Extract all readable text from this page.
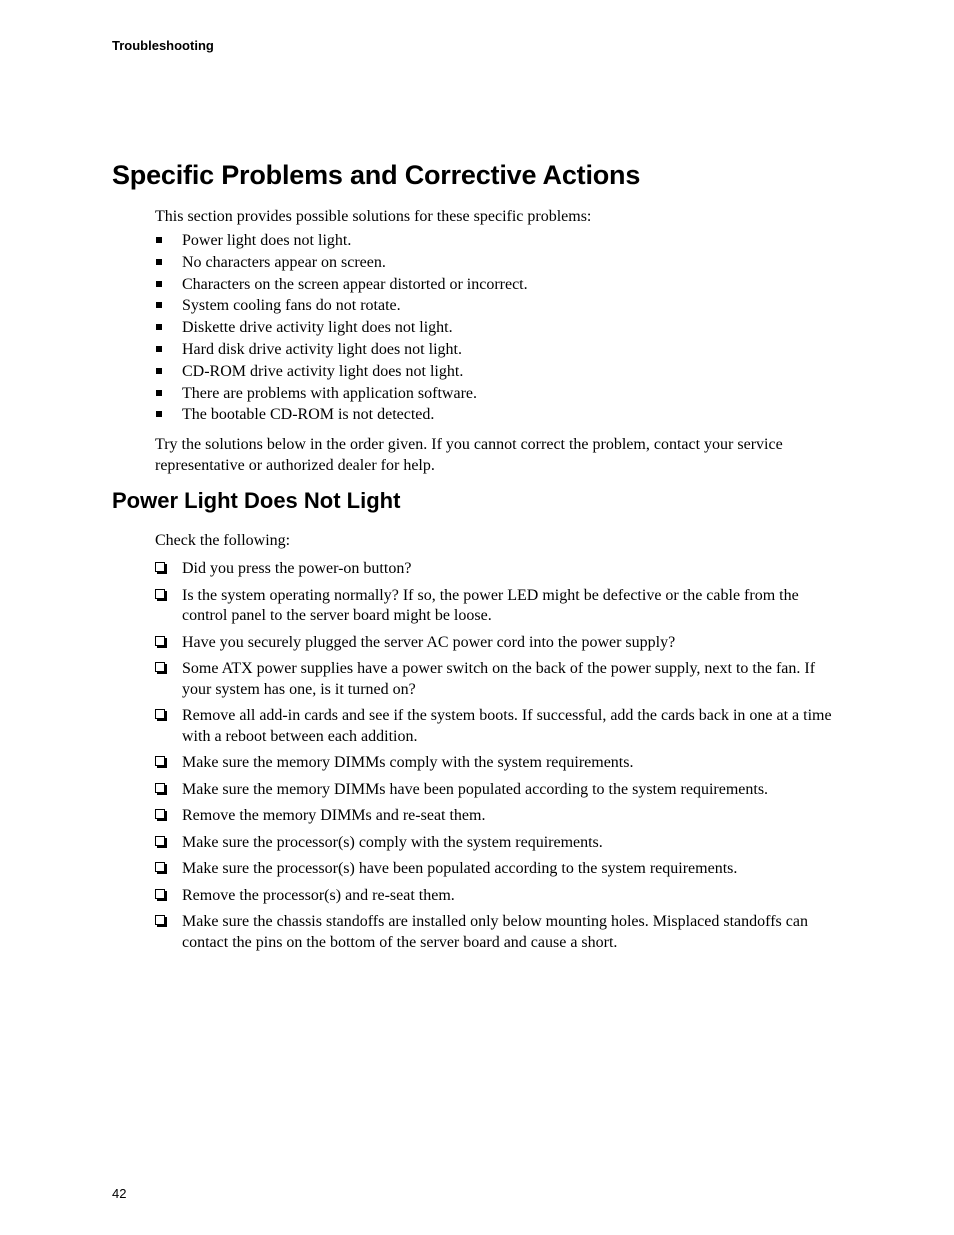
Troubleshooting
Specific Problems and Corrective Actions

This section provides possible solutions for these specific problems:

Power light does not light.
No characters appear on screen.
Characters on the screen appear distorted or incorrect.
System cooling fans do not rotate.
Diskette drive activity light does not light.
Hard disk drive activity light does not light.
CD-ROM drive activity light does not light.
There are problems with application software.
The bootable CD-ROM is not detected.

Try the solutions below in the order given. If you cannot correct the problem, contact your service representative or authorized dealer for help.

Power Light Does Not Light

Check the following:

Did you press the power-on button?
Is the system operating normally? If so, the power LED might be defective or the cable from the control panel to the server board might be loose.
Have you securely plugged the server AC power cord into the power supply?
Some ATX power supplies have a power switch on the back of the power supply, next to the fan. If your system has one, is it turned on?
Remove all add-in cards and see if the system boots. If successful, add the cards back in one at a time with a reboot between each addition.
Make sure the memory DIMMs comply with the system requirements.
Make sure the memory DIMMs have been populated according to the system requirements.
Remove the memory DIMMs and re-seat them.
Make sure the processor(s) comply with the system requirements.
Make sure the processor(s) have been populated according to the system requirements.
Remove the processor(s) and re-seat them.
Make sure the chassis standoffs are installed only below mounting holes. Misplaced standoffs can contact the pins on the bottom of the server board and cause a short.
42
